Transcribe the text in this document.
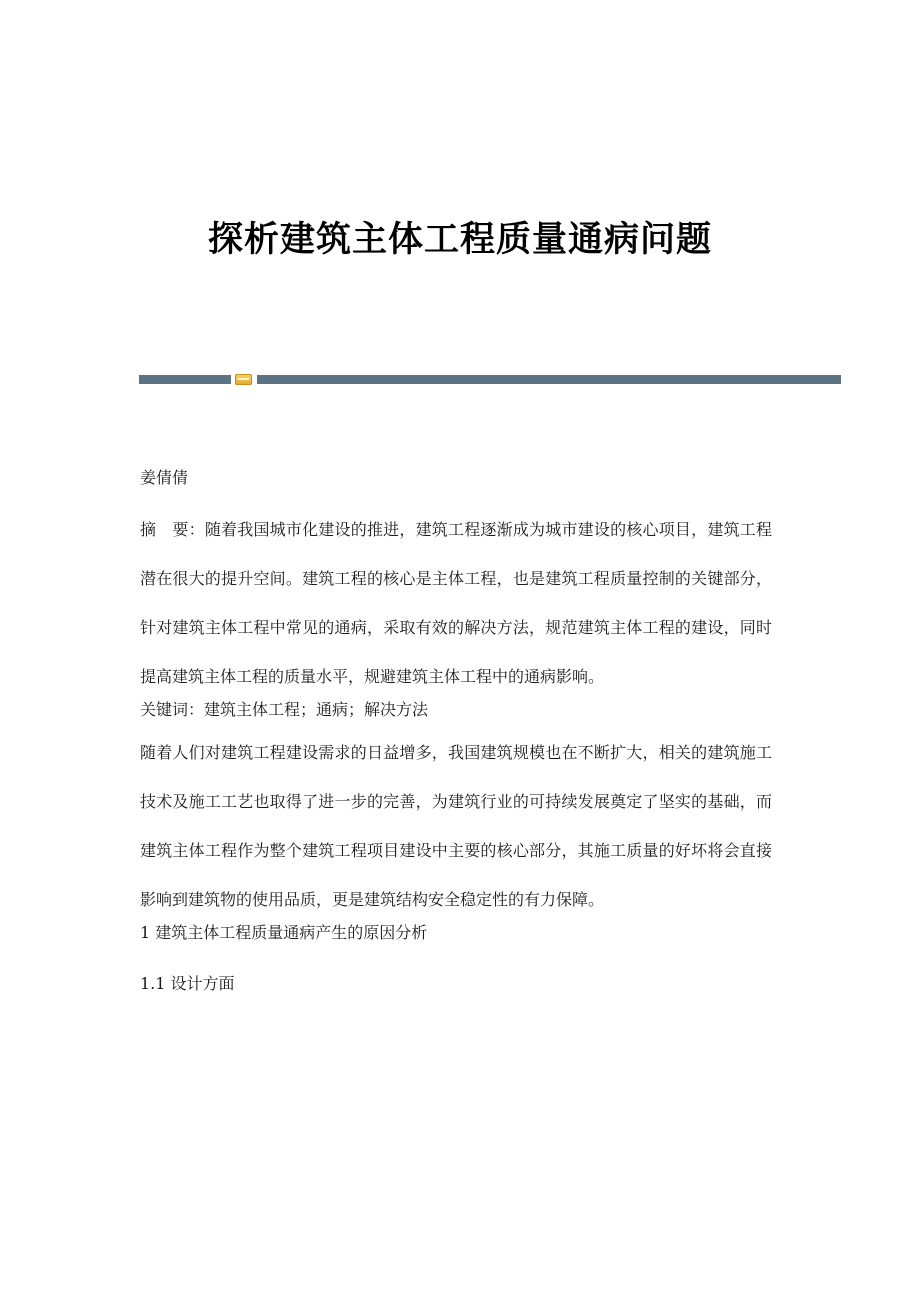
探析建筑主体工程质量通病问题

姜倩倩

摘　要：随着我国城市化建设的推进，建筑工程逐渐成为城市建设的核心项目，建筑工程潜在很大的提升空间。建筑工程的核心是主体工程，也是建筑工程质量控制的关键部分，针对建筑主体工程中常见的通病，采取有效的解决方法，规范建筑主体工程的建设，同时提高建筑主体工程的质量水平，规避建筑主体工程中的通病影响。

关键词：建筑主体工程；通病；解决方法

随着人们对建筑工程建设需求的日益增多，我国建筑规模也在不断扩大，相关的建筑施工技术及施工工艺也取得了进一步的完善，为建筑行业的可持续发展奠定了坚实的基础，而建筑主体工程作为整个建筑工程项目建设中主要的核心部分，其施工质量的好坏将会直接影响到建筑物的使用品质，更是建筑结构安全稳定性的有力保障。

1 建筑主体工程质量通病产生的原因分析

1.1 设计方面
